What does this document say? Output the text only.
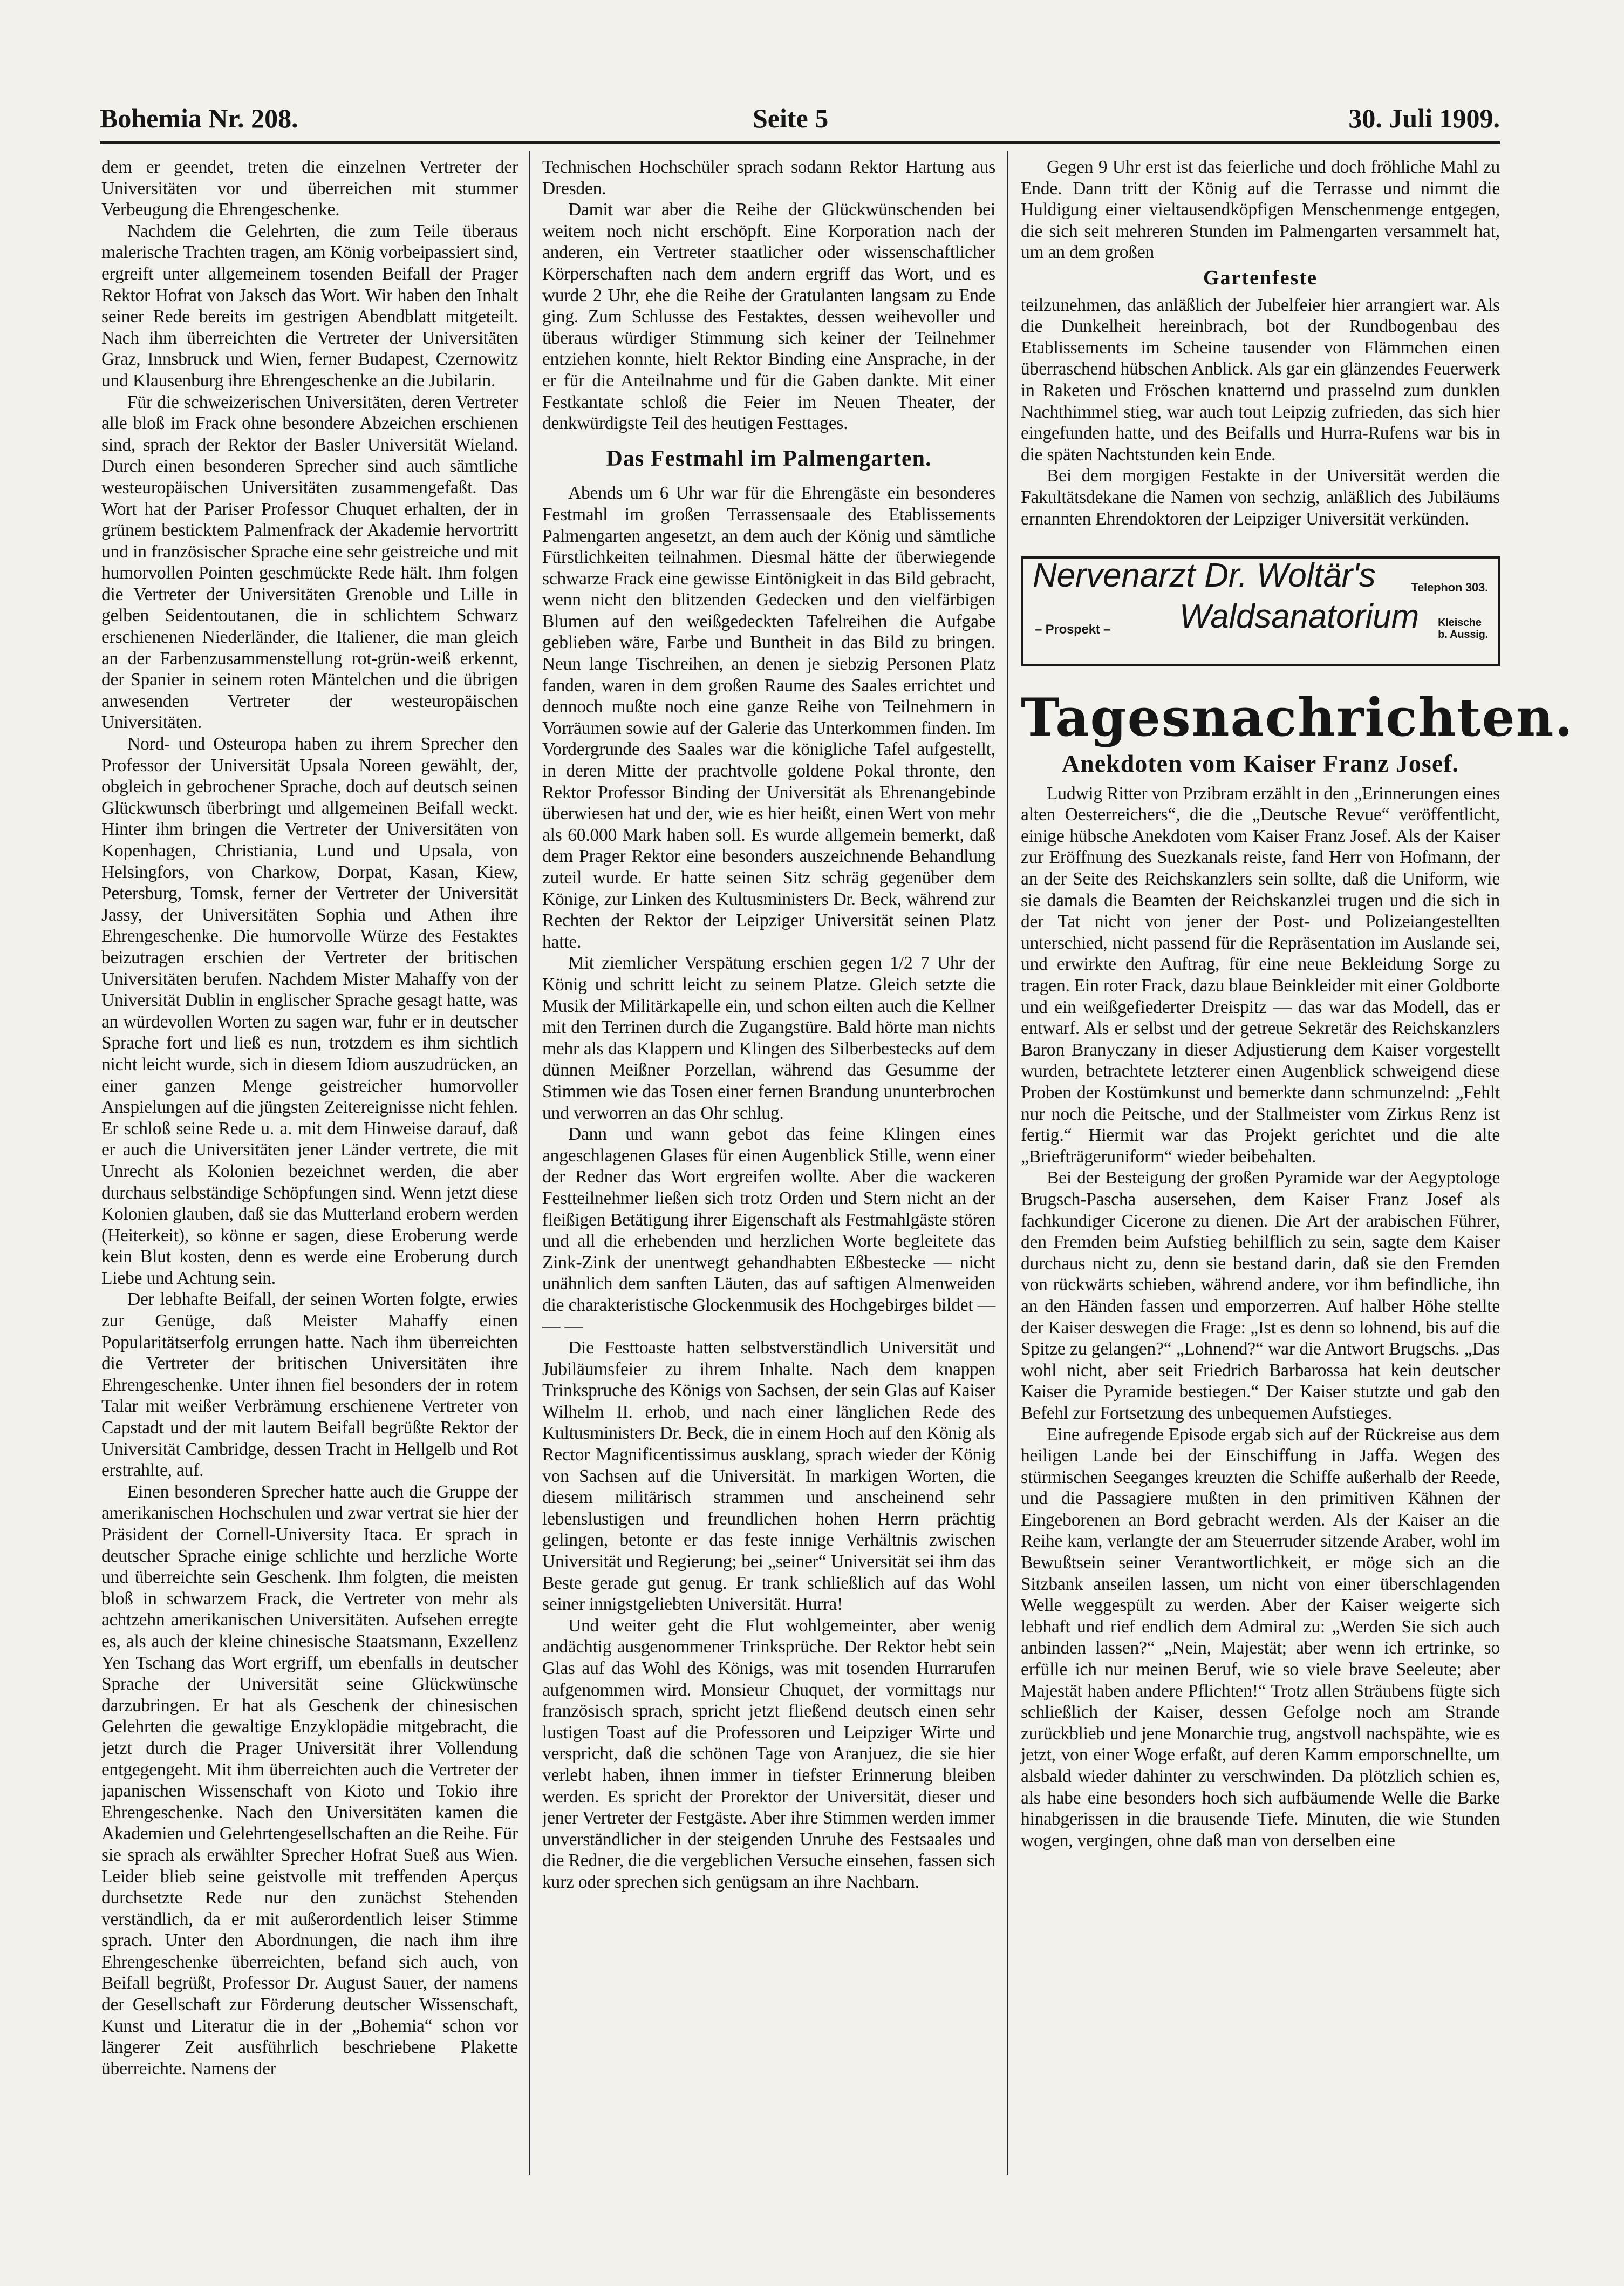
Bohemia Nr. 208.	Seite 5	30. Juli 1909.

dem er geendet, treten die einzelnen Vertreter der Universitäten vor und überreichen mit stummer Verbeugung die Ehrengeschenke.

Nachdem die Gelehrten, die zum Teile überaus malerische Trachten tragen, am König vorbeipassiert sind, ergreift unter allgemeinem tosenden Beifall der Prager Rektor Hofrat von Jaksch das Wort. Wir haben den Inhalt seiner Rede bereits im gestrigen Abendblatt mitgeteilt. Nach ihm überreichten die Vertreter der Universitäten Graz, Innsbruck und Wien, ferner Budapest, Czernowitz und Klausenburg ihre Ehrengeschenke an die Jubilarin.

Für die schweizerischen Universitäten, deren Vertreter alle bloß im Frack ohne besondere Abzeichen erschienen sind, sprach der Rektor der Basler Universität Wieland. Durch einen besonderen Sprecher sind auch sämtliche westeuropäischen Universitäten zusammengefaßt. Das Wort hat der Pariser Professor Chuquet erhalten, der in grünem besticktem Palmenfrack der Akademie hervortritt und in französischer Sprache eine sehr geistreiche und mit humorvollen Pointen geschmückte Rede hält. Ihm folgen die Vertreter der Universitäten Grenoble und Lille in gelben Seidentoutanen, die in schlichtem Schwarz erschienenen Niederländer, die Italiener, die man gleich an der Farbenzusammenstellung rot-grün-weiß erkennt, der Spanier in seinem roten Mäntelchen und die übrigen anwesenden Vertreter der westeuropäischen Universitäten.

Nord- und Osteuropa haben zu ihrem Sprecher den Professor der Universität Upsala Noreen gewählt, der, obgleich in gebrochener Sprache, doch auf deutsch seinen Glückwunsch überbringt und allgemeinen Beifall weckt. Hinter ihm bringen die Vertreter der Universitäten von Kopenhagen, Christiania, Lund und Upsala, von Helsingfors, von Charkow, Dorpat, Kasan, Kiew, Petersburg, Tomsk, ferner der Vertreter der Universität Jassy, der Universitäten Sophia und Athen ihre Ehrengeschenke. Die humorvolle Würze des Festaktes beizutragen erschien der Vertreter der britischen Universitäten berufen. Nachdem Mister Mahaffy von der Universität Dublin in englischer Sprache gesagt hatte, was an würdevollen Worten zu sagen war, fuhr er in deutscher Sprache fort und ließ es nun, trotzdem es ihm sichtlich nicht leicht wurde, sich in diesem Idiom auszudrücken, an einer ganzen Menge geistreicher humorvoller Anspielungen auf die jüngsten Zeitereignisse nicht fehlen. Er schloß seine Rede u. a. mit dem Hinweise darauf, daß er auch die Universitäten jener Länder vertrete, die mit Unrecht als Kolonien bezeichnet werden, die aber durchaus selbständige Schöpfungen sind. Wenn jetzt diese Kolonien glauben, daß sie das Mutterland erobern werden (Heiterkeit), so könne er sagen, diese Eroberung werde kein Blut kosten, denn es werde eine Eroberung durch Liebe und Achtung sein.

Der lebhafte Beifall, der seinen Worten folgte, erwies zur Genüge, daß Meister Mahaffy einen Popularitätserfolg errungen hatte. Nach ihm überreichten die Vertreter der britischen Universitäten ihre Ehrengeschenke. Unter ihnen fiel besonders der in rotem Talar mit weißer Verbrämung erschienene Vertreter von Capstadt und der mit lautem Beifall begrüßte Rektor der Universität Cambridge, dessen Tracht in Hellgelb und Rot erstrahlte, auf.

Einen besonderen Sprecher hatte auch die Gruppe der amerikanischen Hochschulen und zwar vertrat sie hier der Präsident der Cornell-University Itaca. Er sprach in deutscher Sprache einige schlichte und herzliche Worte und überreichte sein Geschenk. Ihm folgten, die meisten bloß in schwarzem Frack, die Vertreter von mehr als achtzehn amerikanischen Universitäten. Aufsehen erregte es, als auch der kleine chinesische Staatsmann, Exzellenz Yen Tschang das Wort ergriff, um ebenfalls in deutscher Sprache der Universität seine Glückwünsche darzubringen. Er hat als Geschenk der chinesischen Gelehrten die gewaltige Enzyklopädie mitgebracht, die jetzt durch die Prager Universität ihrer Vollendung entgegengeht. Mit ihm überreichten auch die Vertreter der japanischen Wissenschaft von Kioto und Tokio ihre Ehrengeschenke. Nach den Universitäten kamen die Akademien und Gelehrtengesellschaften an die Reihe. Für sie sprach als erwählter Sprecher Hofrat Sueß aus Wien. Leider blieb seine geistvolle mit treffenden Aperçus durchsetzte Rede nur den zunächst Stehenden verständlich, da er mit außerordentlich leiser Stimme sprach. Unter den Abordnungen, die nach ihm ihre Ehrengeschenke überreichten, befand sich auch, von Beifall begrüßt, Professor Dr. August Sauer, der namens der Gesellschaft zur Förderung deutscher Wissenschaft, Kunst und Literatur die in der „Bohemia“ schon vor längerer Zeit ausführlich beschriebene Plakette überreichte. Namens der

Technischen Hochschüler sprach sodann Rektor Hartung aus Dresden.

Damit war aber die Reihe der Glückwünschenden bei weitem noch nicht erschöpft. Eine Korporation nach der anderen, ein Vertreter staatlicher oder wissenschaftlicher Körperschaften nach dem andern ergriff das Wort, und es wurde 2 Uhr, ehe die Reihe der Gratulanten langsam zu Ende ging. Zum Schlusse des Festaktes, dessen weihevoller und überaus würdiger Stimmung sich keiner der Teilnehmer entziehen konnte, hielt Rektor Binding eine Ansprache, in der er für die Anteilnahme und für die Gaben dankte. Mit einer Festkantate schloß die Feier im Neuen Theater, der denkwürdigste Teil des heutigen Festtages.

Das Festmahl im Palmengarten.

Abends um 6 Uhr war für die Ehrengäste ein besonderes Festmahl im großen Terrassensaale des Etablissements Palmengarten angesetzt, an dem auch der König und sämtliche Fürstlichkeiten teilnahmen. Diesmal hätte der überwiegende schwarze Frack eine gewisse Eintönigkeit in das Bild gebracht, wenn nicht den blitzenden Gedecken und den vielfärbigen Blumen auf den weißgedeckten Tafelreihen die Aufgabe geblieben wäre, Farbe und Buntheit in das Bild zu bringen. Neun lange Tischreihen, an denen je siebzig Personen Platz fanden, waren in dem großen Raume des Saales errichtet und dennoch mußte noch eine ganze Reihe von Teilnehmern in Vorräumen sowie auf der Galerie das Unterkommen finden. Im Vordergrunde des Saales war die königliche Tafel aufgestellt, in deren Mitte der prachtvolle goldene Pokal thronte, den Rektor Professor Binding der Universität als Ehrenangebinde überwiesen hat und der, wie es hier heißt, einen Wert von mehr als 60.000 Mark haben soll. Es wurde allgemein bemerkt, daß dem Prager Rektor eine besonders auszeichnende Behandlung zuteil wurde. Er hatte seinen Sitz schräg gegenüber dem Könige, zur Linken des Kultusministers Dr. Beck, während zur Rechten der Rektor der Leipziger Universität seinen Platz hatte.

Mit ziemlicher Verspätung erschien gegen 1/2 7 Uhr der König und schritt leicht zu seinem Platze. Gleich setzte die Musik der Militärkapelle ein, und schon eilten auch die Kellner mit den Terrinen durch die Zugangstüre. Bald hörte man nichts mehr als das Klappern und Klingen des Silberbestecks auf dem dünnen Meißner Porzellan, während das Gesumme der Stimmen wie das Tosen einer fernen Brandung ununterbrochen und verworren an das Ohr schlug.

Dann und wann gebot das feine Klingen eines angeschlagenen Glases für einen Augenblick Stille, wenn einer der Redner das Wort ergreifen wollte. Aber die wackeren Festteilnehmer ließen sich trotz Orden und Stern nicht an der fleißigen Betätigung ihrer Eigenschaft als Festmahlgäste stören und all die erhebenden und herzlichen Worte begleitete das Zink-Zink der unentwegt gehandhabten Eßbestecke — nicht unähnlich dem sanften Läuten, das auf saftigen Almenweiden die charakteristische Glockenmusik des Hochgebirges bildet — — —

Die Festtoaste hatten selbstverständlich Universität und Jubiläumsfeier zu ihrem Inhalte. Nach dem knappen Trinkspruche des Königs von Sachsen, der sein Glas auf Kaiser Wilhelm II. erhob, und nach einer länglichen Rede des Kultusministers Dr. Beck, die in einem Hoch auf den König als Rector Magnificentissimus ausklang, sprach wieder der König von Sachsen auf die Universität. In markigen Worten, die diesem militärisch strammen und anscheinend sehr lebenslustigen und freundlichen hohen Herrn prächtig gelingen, betonte er das feste innige Verhältnis zwischen Universität und Regierung; bei „seiner“ Universität sei ihm das Beste gerade gut genug. Er trank schließlich auf das Wohl seiner innigstgeliebten Universität. Hurra!

Und weiter geht die Flut wohlgemeinter, aber wenig andächtig ausgenommener Trinksprüche. Der Rektor hebt sein Glas auf das Wohl des Königs, was mit tosenden Hurrarufen aufgenommen wird. Monsieur Chuquet, der vormittags nur französisch sprach, spricht jetzt fließend deutsch einen sehr lustigen Toast auf die Professoren und Leipziger Wirte und verspricht, daß die schönen Tage von Aranjuez, die sie hier verlebt haben, ihnen immer in tiefster Erinnerung bleiben werden. Es spricht der Prorektor der Universität, dieser und jener Vertreter der Festgäste. Aber ihre Stimmen werden immer unverständlicher in der steigenden Unruhe des Festsaales und die Redner, die die vergeblichen Versuche einsehen, fassen sich kurz oder sprechen sich genügsam an ihre Nachbarn.

Gegen 9 Uhr erst ist das feierliche und doch fröhliche Mahl zu Ende. Dann tritt der König auf die Terrasse und nimmt die Huldigung einer vieltausendköpfigen Menschenmenge entgegen, die sich seit mehreren Stunden im Palmengarten versammelt hat, um an dem großen

Gartenfeste

teilzunehmen, das anläßlich der Jubelfeier hier arrangiert war. Als die Dunkelheit hereinbrach, bot der Rundbogenbau des Etablissements im Scheine tausender von Flämmchen einen überraschend hübschen Anblick. Als gar ein glänzendes Feuerwerk in Raketen und Fröschen knatternd und prasselnd zum dunklen Nachthimmel stieg, war auch tout Leipzig zufrieden, das sich hier eingefunden hatte, und des Beifalls und Hurra-Rufens war bis in die späten Nachtstunden kein Ende.

Bei dem morgigen Festakte in der Universität werden die Fakultätsdekane die Namen von sechzig, anläßlich des Jubiläums ernannten Ehrendoktoren der Leipziger Universität verkünden.

Nervenarzt Dr. Woltär's	Telephon 303.
– Prospekt – Waldsanatorium Kleische
b. Aussig.
Tagesnachrichten.
Anekdoten vom Kaiser Franz Josef.

Ludwig Ritter von Przibram erzählt in den „Erinnerungen eines alten Oesterreichers“, die die „Deutsche Revue“ veröffentlicht, einige hübsche Anekdoten vom Kaiser Franz Josef. Als der Kaiser zur Eröffnung des Suezkanals reiste, fand Herr von Hofmann, der an der Seite des Reichskanzlers sein sollte, daß die Uniform, wie sie damals die Beamten der Reichskanzlei trugen und die sich in der Tat nicht von jener der Post- und Polizeiangestellten unterschied, nicht passend für die Repräsentation im Auslande sei, und erwirkte den Auftrag, für eine neue Bekleidung Sorge zu tragen. Ein roter Frack, dazu blaue Beinkleider mit einer Goldborte und ein weißgefiederter Dreispitz — das war das Modell, das er entwarf. Als er selbst und der getreue Sekretär des Reichskanzlers Baron Branyczany in dieser Adjustierung dem Kaiser vorgestellt wurden, betrachtete letzterer einen Augenblick schweigend diese Proben der Kostümkunst und bemerkte dann schmunzelnd: „Fehlt nur noch die Peitsche, und der Stallmeister vom Zirkus Renz ist fertig.“ Hiermit war das Projekt gerichtet und die alte „Briefträgeruniform“ wieder beibehalten.

Bei der Besteigung der großen Pyramide war der Aegyptologe Brugsch-Pascha ausersehen, dem Kaiser Franz Josef als fachkundiger Cicerone zu dienen. Die Art der arabischen Führer, den Fremden beim Aufstieg behilflich zu sein, sagte dem Kaiser durchaus nicht zu, denn sie bestand darin, daß sie den Fremden von rückwärts schieben, während andere, vor ihm befindliche, ihn an den Händen fassen und emporzerren. Auf halber Höhe stellte der Kaiser deswegen die Frage: „Ist es denn so lohnend, bis auf die Spitze zu gelangen?“ „Lohnend?“ war die Antwort Brugschs. „Das wohl nicht, aber seit Friedrich Barbarossa hat kein deutscher Kaiser die Pyramide bestiegen.“ Der Kaiser stutzte und gab den Befehl zur Fortsetzung des unbequemen Aufstieges.

Eine aufregende Episode ergab sich auf der Rückreise aus dem heiligen Lande bei der Einschiffung in Jaffa. Wegen des stürmischen Seeganges kreuzten die Schiffe außerhalb der Reede, und die Passagiere mußten in den primitiven Kähnen der Eingeborenen an Bord gebracht werden. Als der Kaiser an die Reihe kam, verlangte der am Steuerruder sitzende Araber, wohl im Bewußtsein seiner Verantwortlichkeit, er möge sich an die Sitzbank anseilen lassen, um nicht von einer überschlagenden Welle weggespült zu werden. Aber der Kaiser weigerte sich lebhaft und rief endlich dem Admiral zu: „Werden Sie sich auch anbinden lassen?“ „Nein, Majestät; aber wenn ich ertrinke, so erfülle ich nur meinen Beruf, wie so viele brave Seeleute; aber Majestät haben andere Pflichten!“ Trotz allen Sträubens fügte sich schließlich der Kaiser, dessen Gefolge noch am Strande zurückblieb und jene Monarchie trug, angstvoll nachspähte, wie es jetzt, von einer Woge erfaßt, auf deren Kamm emporschnellte, um alsbald wieder dahinter zu verschwinden. Da plötzlich schien es, als habe eine besonders hoch sich aufbäumende Welle die Barke hinabgerissen in die brausende Tiefe. Minuten, die wie Stunden wogen, vergingen, ohne daß man von derselben eine
